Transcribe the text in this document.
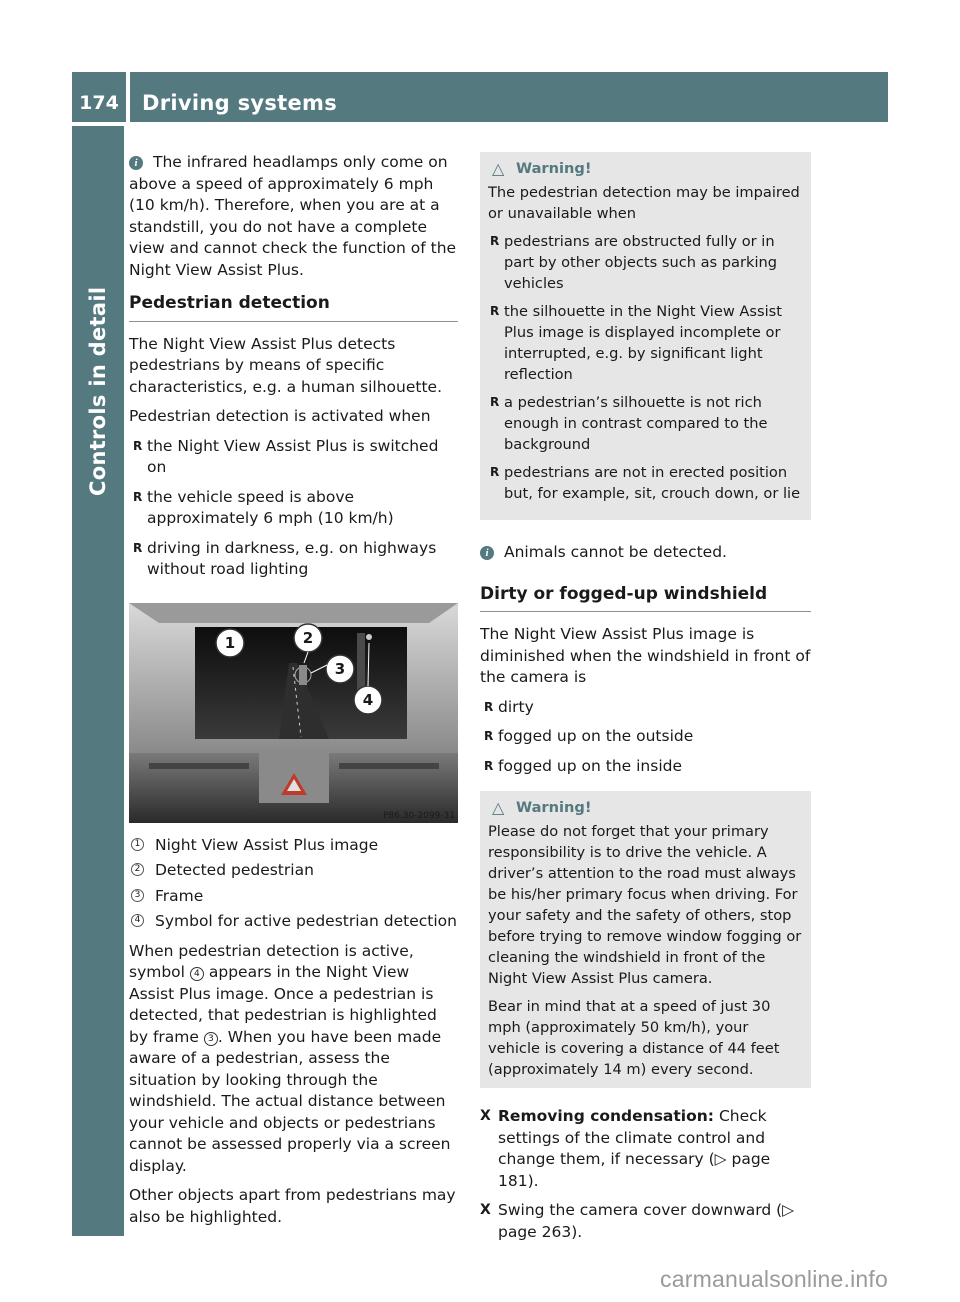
174	Driving systems
Controls in detail

i The infrared headlamps only come on above a speed of approximately 6 mph (10 km/h). Therefore, when you are at a standstill, you do not have a complete view and cannot check the function of the Night View Assist Plus.

Pedestrian detection

The Night View Assist Plus detects pedestrians by means of specific characteristics, e.g. a human silhouette.

Pedestrian detection is activated when

R the Night View Assist Plus is switched on
R the vehicle speed is above approximately 6 mph (10 km/h)
R driving in darkness, e.g. on highways without road lighting
1	2
3
4
P86.30-2099-31
1 Night View Assist Plus image
2 Detected pedestrian
3 Frame
4 Symbol for active pedestrian detection

When pedestrian detection is active, symbol 4 appears in the Night View Assist Plus image. Once a pedestrian is detected, that pedestrian is highlighted by frame 3 . When you have been made aware of a pedestrian, assess the situation by looking through the windshield. The actual distance between your vehicle and objects or pedestrians cannot be assessed properly via a screen display.

Other objects apart from pedestrians may also be highlighted.

△ Warning!

The pedestrian detection may be impaired or unavailable when

R pedestrians are obstructed fully or in part by other objects such as parking vehicles
R the silhouette in the Night View Assist Plus image is displayed incomplete or interrupted, e.g. by significant light reflection
R a pedestrian’s silhouette is not rich enough in contrast compared to the background
R pedestrians are not in erected position but, for example, sit, crouch down, or lie

i Animals cannot be detected.

Dirty or fogged-up windshield

The Night View Assist Plus image is diminished when the windshield in front of the camera is

R dirty
R fogged up on the outside
R fogged up on the inside
△ Warning!

Please do not forget that your primary responsibility is to drive the vehicle. A driver’s attention to the road must always be his/her primary focus when driving. For your safety and the safety of others, stop before trying to remove window fogging or cleaning the windshield in front of the Night View Assist Plus camera.

Bear in mind that at a speed of just 30 mph (approximately 50 km/h), your vehicle is covering a distance of 44 feet (approximately 14 m) every second.

X Removing condensation: Check settings of the climate control and change them, if necessary (▷ page 181).
X Swing the camera cover downward (▷ page 263).
carmanualsonline.info
